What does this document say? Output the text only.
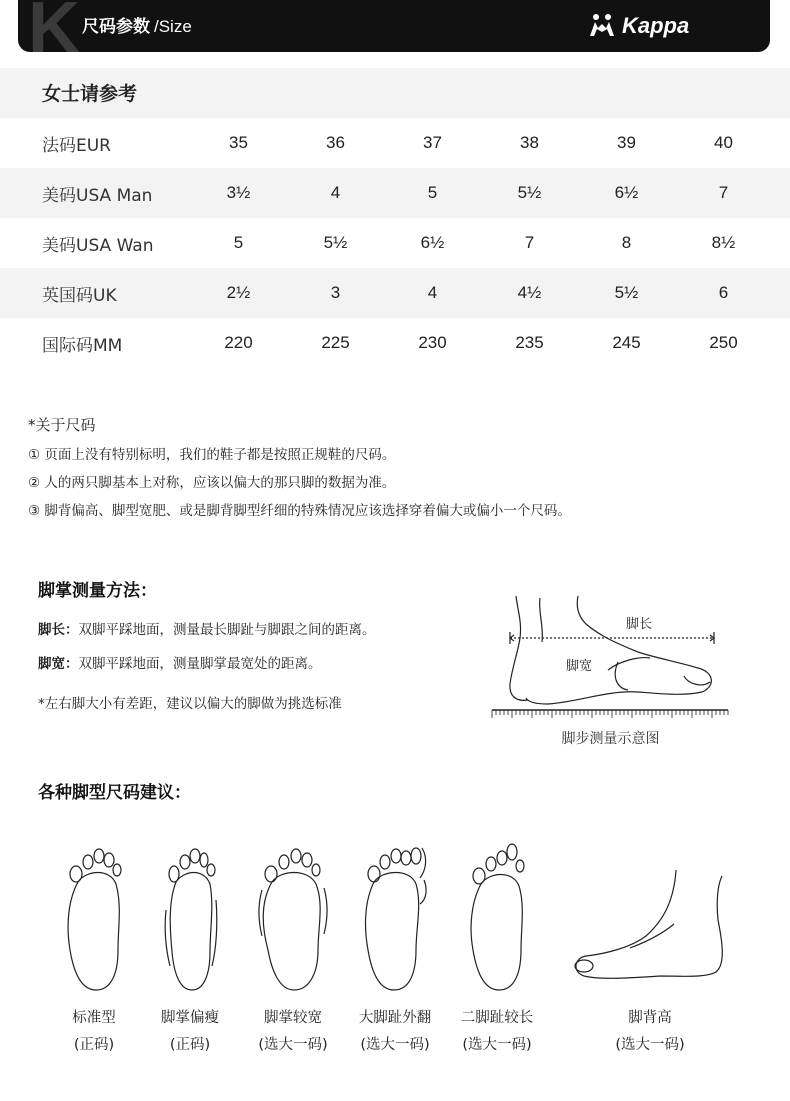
K 尺码参数 /Size	Kappa
女士请参考
法码EUR	35	36	37	38	39	40
美码USA Man	3½	4	5	5½	6½	7
美码USA Wan	5	5½	6½	7	8	8½
英国码UK	2½	3	4	4½	5½	6
国际码MM	220	225	230	235	245	250
*关于尺码
① 页面上没有特别标明，我们的鞋子都是按照正规鞋的尺码。
② 人的两只脚基本上对称，应该以偏大的那只脚的数据为准。
③ 脚背偏高、脚型宽肥、或是脚背脚型纤细的特殊情况应该选择穿着偏大或偏小一个尺码。
脚掌测量方法：
脚长：双脚平踩地面，测量最长脚趾与脚跟之间的距离。
脚宽：双脚平踩地面，测量脚掌最宽处的距离。
*左右脚大小有差距，建议以偏大的脚做为挑选标准
脚长
脚宽
脚步测量示意图
各种脚型尺码建议：
标准型
(正码)
脚掌偏瘦
(正码)
脚掌较宽
(选大一码)
大脚趾外翻
(选大一码)
二脚趾较长
(选大一码)
脚背高
(选大一码)
